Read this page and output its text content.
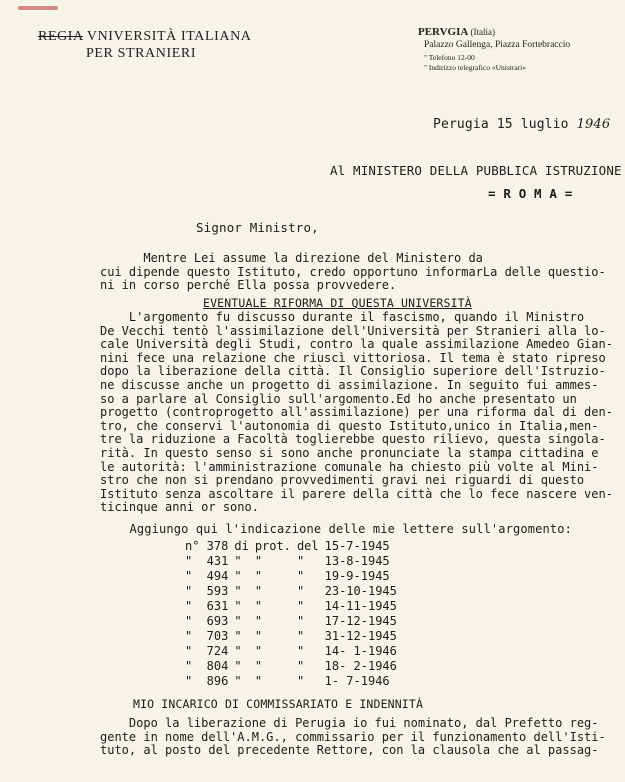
REGIA VNIVERSITÀ ITALIANA
PER STRANIERI
PERVGIA (Italia)
Palazzo Gallenga, Piazza Fortebraccio
" Telefono 12-00
" Indirizzo telegrafico «Unistrari»
Perugia 15 luglio 1946
Al MINISTERO DELLA PUBBLICA ISTRUZIONE
= R O M A =
Signor Ministro,
Mentre Lei assume la direzione del Ministero da
cui dipende questo Istituto, credo opportuno informarLa delle questio-
ni in corso perché Ella possa provvedere.
EVENTUALE RIFORMA DI QUESTA UNIVERSITÀ
L'argomento fu discusso durante il fascismo, quando il Ministro
De Vecchi tentò l'assimilazione dell'Università per Stranieri alla lo-
cale Università degli Studi, contro la quale assimilazione Amedeo Gian-
nini fece una relazione che riuscì vittoriosa. Il tema è stato ripreso
dopo la liberazione della città. Il Consiglio superiore dell'Istruzio-
ne discusse anche un progetto di assimilazione. In seguito fui ammes-
so a parlare al Consiglio sull'argomento.Ed ho anche presentato un
progetto (controprogetto all'assimilazione) per una riforma dal di den-
tro, che conservi l'autonomia di questo Istituto,unico in Italia,men-
tre la riduzione a Facoltà toglierebbe questo rilievo, questa singola-
rità. In questo senso si sono anche pronunciate la stampa cittadina e
le autorità: l'amministrazione comunale ha chiesto più volte al Mini-
stro che non si prendano provvedimenti gravi nei riguardi di questo
Istituto senza ascoltare il parere della città che lo fece nascere ven-
ticinque anni or sono.
Aggiungo qui l'indicazione delle mie lettere sull'argomento:
n° 378	di	prot.	del	15-7-1945
"  431	"	"	"	13-8-1945
"  494	"	"	"	19-9-1945
"  593	"	"	"	23-10-1945
"  631	"	"	"	14-11-1945
"  693	"	"	"	17-12-1945
"  703	"	"	"	31-12-1945
"  724	"	"	"	14- 1-1946
"  804	"	"	"	18- 2-1946
"  896	"	"	"	1- 7-1946
MIO INCARICO DI COMMISSARIATO E INDENNITÀ
Dopo la liberazione di Perugia io fui nominato, dal Prefetto reg-
gente in nome dell'A.M.G., commissario per il funzionamento dell'Isti-
tuto, al posto del precedente Rettore, con la clausola che al passag-
